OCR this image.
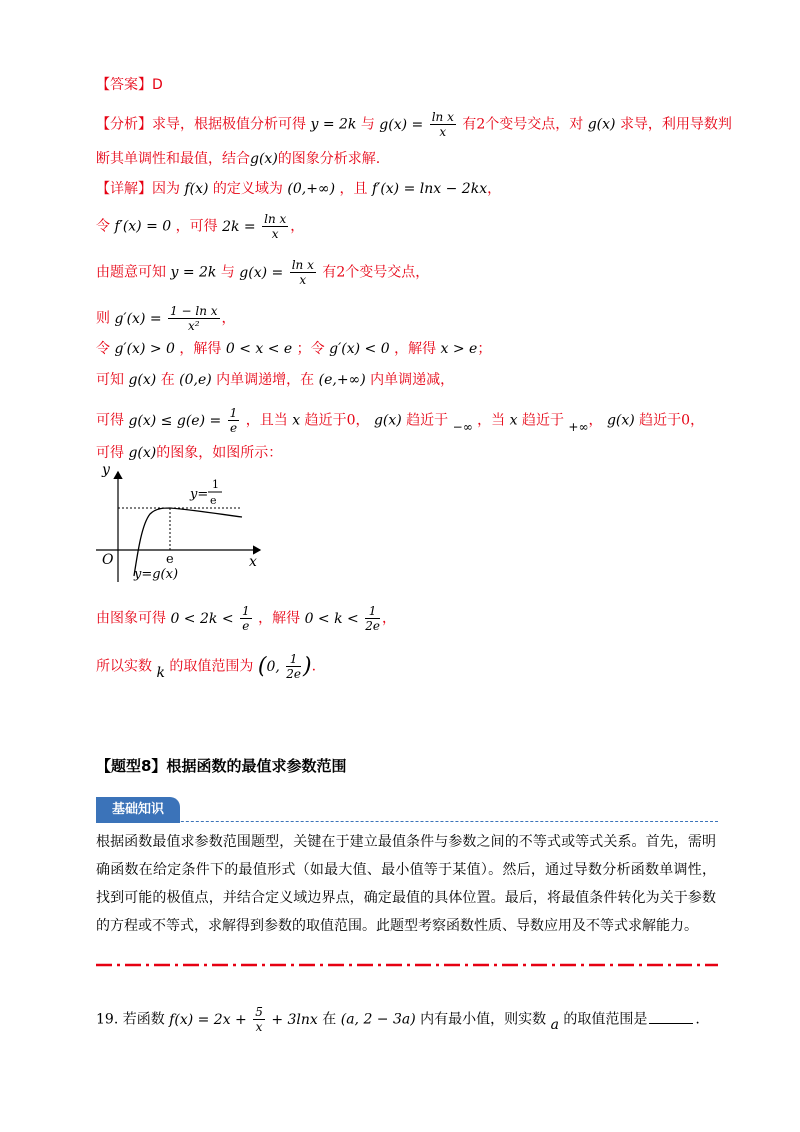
【答案】D
【分析】求导，根据极值分析可得 y = 2k 与 $g(x) = \frac{\text{ln x}}{x}$ 有2个变号交点，对 g(x) 求导，利用导数判
断其单调性和最值，结合g(x)的图象分析求解.
【详解】因为 f(x) 的定义域为 (0,+∞) ，且 f′(x) = lnx − 2kx，
令 f′(x) = 0 ，可得 $2k = \frac{\text{ln x}}{x}$ ，
由题意可知 y = 2k 与 $g(x) = \frac{\text{ln x}}{x}$ 有2个变号交点，
则 $g'(x) = \frac{\text{1 − ln x}}{\text{x²}}$ ，
令 g′(x) > 0 ，解得 0 < x < e ；令 g′(x) < 0 ，解得 x > e；
可知 g(x) 在 (0,e) 内单调递增，在 (e,+∞) 内单调递减，
可得 $g(x) \le g(e) = \frac{1}{e}$ ，且当 x 趋近于0， g(x) 趋近于 −∞ ，当 x 趋近于 +∞， g(x) 趋近于0，
可得 g(x)的图象，如图所示：
y
x
O	e
y=
1
e
y=g(x)
由图象可得 $0 < 2k < \frac{1}{e}$ ，解得 $0 < k < \frac{1}{2e}$ ，
所以实数 k 的取值范围为 (0, $\frac{1}{2e}$ ).
【题型8】根据函数的最值求参数范围
基础知识
根据函数最值求参数范围题型，关键在于建立最值条件与参数之间的不等式或等式关系。首先，需明确函数在给定条件下的最值形式（如最大值、最小值等于某值）。然后，通过导数分析函数单调性，找到可能的极值点，并结合定义域边界点，确定最值的具体位置。最后，将最值条件转化为关于参数的方程或不等式，求解得到参数的取值范围。此题型考察函数性质、导数应用及不等式求解能力。
19. 若函数 $f(x) = 2x + \frac{5}{x} + 3\ln x$ 在 (a, 2 − 3a) 内有最小值，则实数 a 的取值范围是	.
